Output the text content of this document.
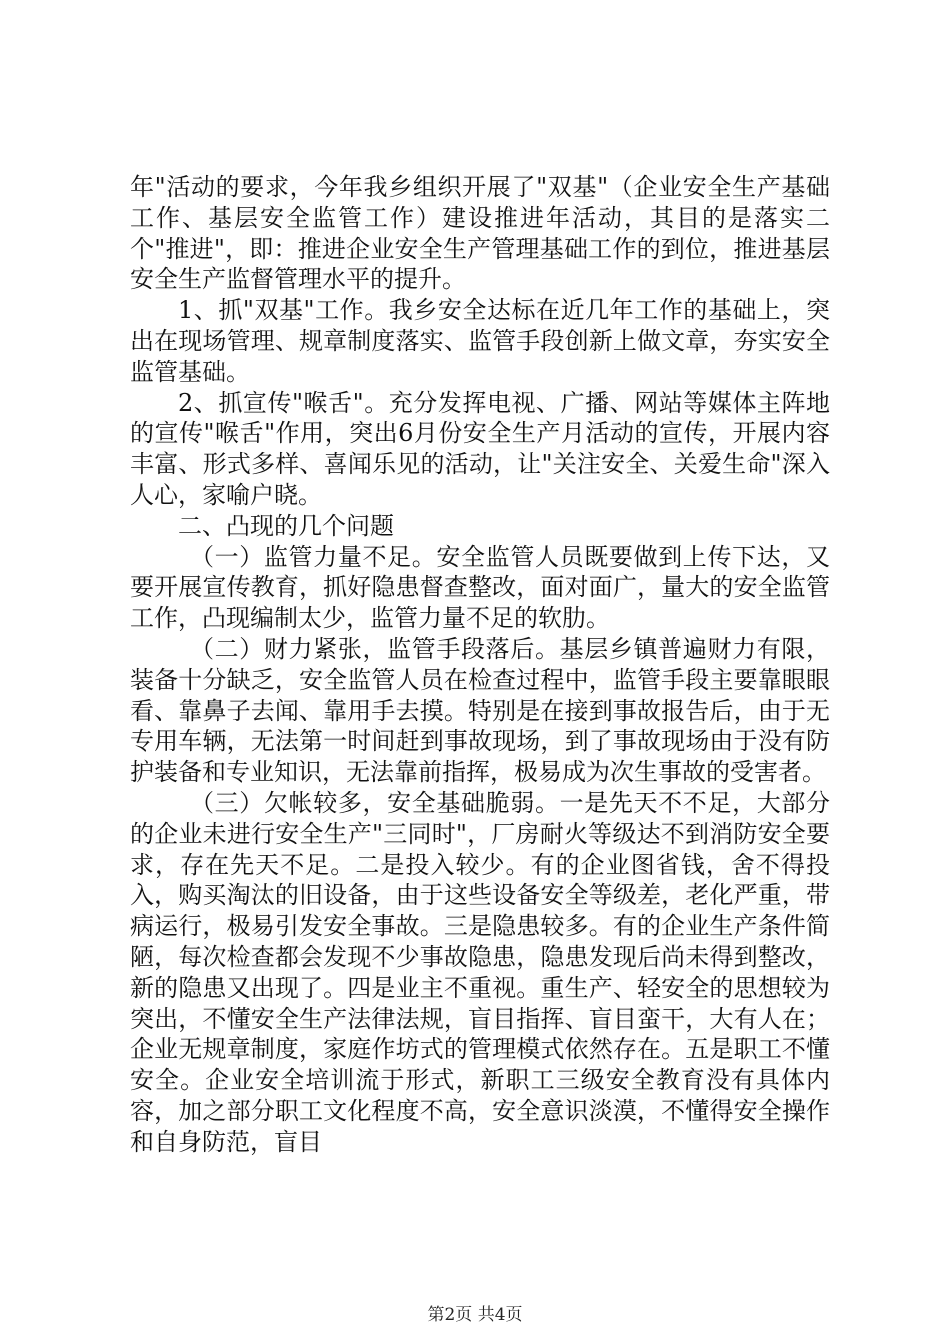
年"活动的要求，今年我乡组织开展了"双基"（企业安全生产基础工作、基层安全监管工作）建设推进年活动，其目的是落实二个"推进"，即：推进企业安全生产管理基础工作的到位，推进基层安全生产监督管理水平的提升。

1、抓"双基"工作。我乡安全达标在近几年工作的基础上，突出在现场管理、规章制度落实、监管手段创新上做文章，夯实安全监管基础。

2、抓宣传"喉舌"。充分发挥电视、广播、网站等媒体主阵地的宣传"喉舌"作用，突出6月份安全生产月活动的宣传，开展内容丰富、形式多样、喜闻乐见的活动，让"关注安全、关爱生命"深入人心，家喻户晓。

二、凸现的几个问题

（一）监管力量不足。安全监管人员既要做到上传下达，又要开展宣传教育，抓好隐患督查整改，面对面广，量大的安全监管工作，凸现编制太少，监管力量不足的软肋。

（二）财力紧张，监管手段落后。基层乡镇普遍财力有限，装备十分缺乏，安全监管人员在检查过程中，监管手段主要靠眼眼看、靠鼻子去闻、靠用手去摸。特别是在接到事故报告后，由于无专用车辆，无法第一时间赶到事故现场，到了事故现场由于没有防护装备和专业知识，无法靠前指挥，极易成为次生事故的受害者。

（三）欠帐较多，安全基础脆弱。一是先天不不足，大部分的企业未进行安全生产"三同时"，厂房耐火等级达不到消防安全要求，存在先天不足。二是投入较少。有的企业图省钱，舍不得投入，购买淘汰的旧设备，由于这些设备安全等级差，老化严重，带病运行，极易引发安全事故。三是隐患较多。有的企业生产条件简陋，每次检查都会发现不少事故隐患，隐患发现后尚未得到整改，新的隐患又出现了。四是业主不重视。重生产、轻安全的思想较为突出，不懂安全生产法律法规，盲目指挥、盲目蛮干，大有人在；企业无规章制度，家庭作坊式的管理模式依然存在。五是职工不懂安全。企业安全培训流于形式，新职工三级安全教育没有具体内容，加之部分职工文化程度不高，安全意识淡漠，不懂得安全操作和自身防范，盲目

第2页 共4页
